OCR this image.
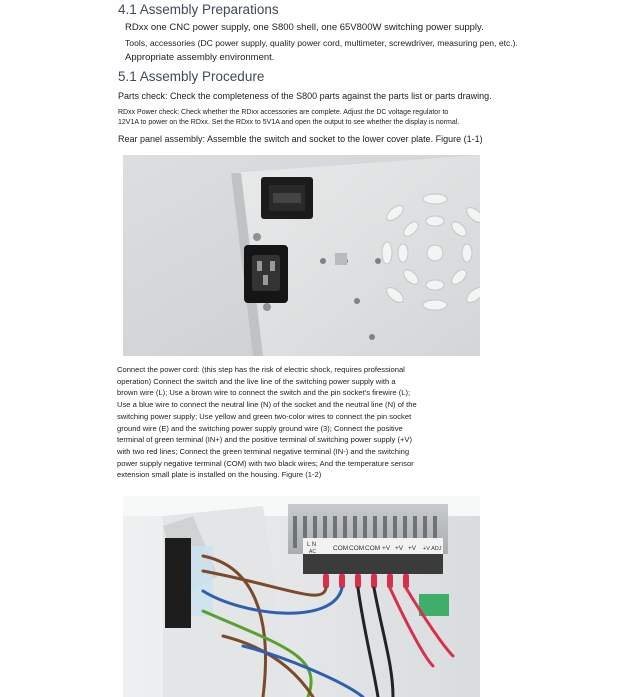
4.1 Assembly Preparations
RDxx one CNC power supply, one S800 shell, one 65V800W switching power supply.
Tools, accessories (DC power supply, quality power cord, multimeter, screwdriver, measuring pen, etc.).
Appropriate assembly environment.
5.1 Assembly Procedure
Parts check: Check the completeness of the S800 parts against the parts list or parts drawing.
RDxx Power check: Check whether the RDxx accessories are complete. Adjust the DC voltage regulator to
12V1A to power on the RDxx. Set the RDxx to 5V1A and open the output to see whether the display is normal.
Rear panel assembly: Assemble the switch and socket to the lower cover plate. Figure (1-1)
Connect the power cord: (this step has the risk of electric shock, requires professional operation) Connect the switch and the live line of the switching power supply with a brown wire (L); Use a brown wire to connect the switch and the pin socket's firewire (L); Use a blue wire to connect the neutral line (N) of the socket and the neutral line (N) of the switching power supply; Use yellow and green two-color wires to connect the pin socket ground wire (E) and the switching power supply ground wire (3); Connect the positive terminal of green terminal (IN+) and the positive terminal of switching power supply (+V) with two red lines; Connect the green terminal negative terminal (IN-) and the switching power supply negative terminal (COM) with two black wires; And the temperature sensor extension small plate is installed on the housing. Figure (1-2)
L N
AC	COM COM COM +V +V +V +V ADJ
